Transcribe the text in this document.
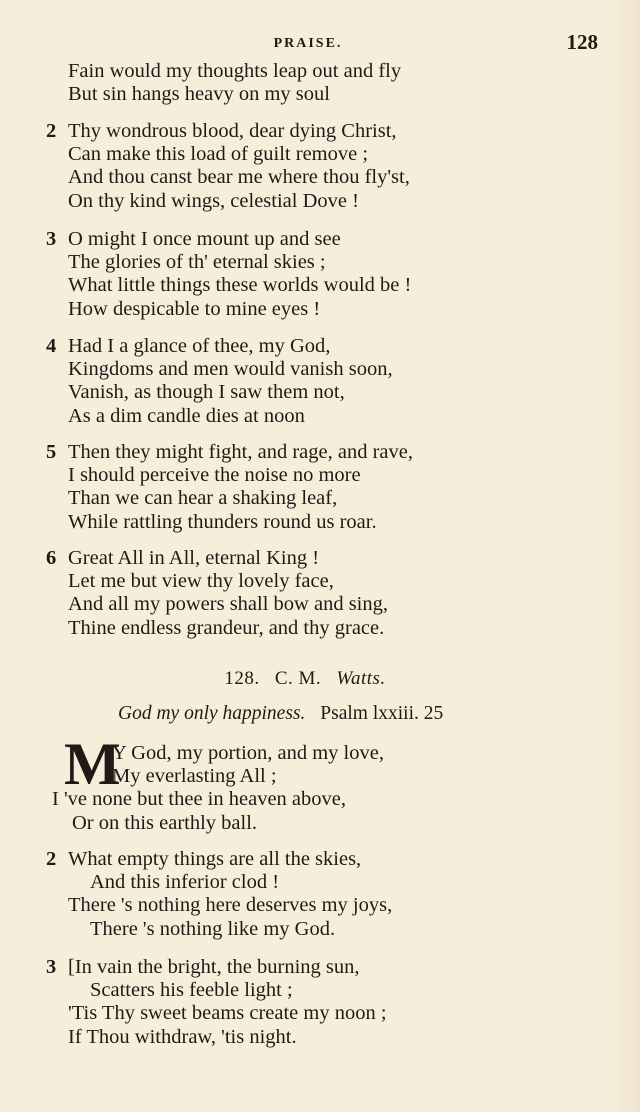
PRAISE.	128
Fain would my thoughts leap out and fly
But sin hangs heavy on my soul
2 Thy wondrous blood, dear dying Christ,
Can make this load of guilt remove ;
And thou canst bear me where thou fly'st,
On thy kind wings, celestial Dove !
3 O might I once mount up and see
The glories of th' eternal skies ;
What little things these worlds would be !
How despicable to mine eyes !
4 Had I a glance of thee, my God,
Kingdoms and men would vanish soon,
Vanish, as though I saw them not,
As a dim candle dies at noon
5 Then they might fight, and rage, and rave,
I should perceive the noise no more
Than we can hear a shaking leaf,
While rattling thunders round us roar.
6 Great All in All, eternal King !
Let me but view thy lovely face,
And all my powers shall bow and sing,
Thine endless grandeur, and thy grace.
128. C. M. Watts.
God my only happiness. Psalm lxxiii. 25
M
Y God, my portion, and my love,
My everlasting All ;
I 've none but thee in heaven above,
Or on this earthly ball.
2 What empty things are all the skies,
And this inferior clod !
There 's nothing here deserves my joys,
There 's nothing like my God.
3 [In vain the bright, the burning sun,
Scatters his feeble light ;
'Tis Thy sweet beams create my noon ;
If Thou withdraw, 'tis night.
